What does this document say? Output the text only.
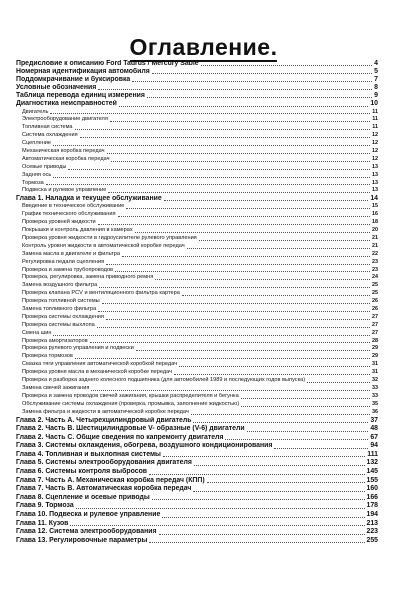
Оглавление.
Предисловие к описанию Ford Taurus / Mercury Sable	4
Номерная идентификация автомобиля	5
Поддомкрачивание и буксировка	7
Условные обозначения	8
Таблица перевода единиц измерения	9
Диагностика неисправностей	10
Двигатель	11
Электрооборудование двигателя	11
Топливная система	11
Система охлаждения	12
Сцепление	12
Механическая коробка передач	12
Автоматическая коробка передач	12
Осевые приводы	13
Задняя ось	13
Тормоза	13
Подвеска и рулевое управление	13
Глава 1. Наладка и текущее обслуживание	14
Введение в техническое обслуживание	15
График технического обслуживания	16
Проверка уровней жидкости	18
Покрышки и контроль давления в камерах	20
Проверка уровня жидкости в гидроусилителе рулевого управления	21
Контроль уровня жидкости в автоматической коробке передач	21
Замена масла в двигателе и фильтра	22
Регулировка педали сцепления	23
Проверка и замена трубопроводов	23
Проверка, регулировка, замена приводного ремня	24
Замена воздушного фильтра	25
Проверка клапана PCV и вентиляционного фильтра картера	25
Проверка топливной системы	26
Замена топливного фильтра	26
Проверка системы охлаждения	27
Проверка системы выхлопа	27
Смена шин	27
Проверка амортизаторов	28
Проверка рулевого управления и подвески	29
Проверка тормозов	29
Смазка тяги управления автоматической коробкой передач	31
Проверка уровня масла в механической коробке передач	31
Проверка и разборка заднего колесного подшипника (для автомобилей 1989 и последующих годов выпуска)	32
Замена свечей зажигания	33
Проверка и замена проводов свечей зажигания, крышки распределителя и бегунка	33
Обслуживание системы охлаждения (проверка, промывка, заполнение жидкостью)	35
Замена фильтра и жидкости в автоматической коробке передач	36
Глава 2. Часть А. Четырехцилиндровый двигатель	37
Глава 2. Часть В. Шестицилиндровые V- образные (V-6) двигатели	48
Глава 2. Часть С. Общие сведения по капремонту двигателя	67
Глава 3. Системы охлаждения, обогрева, воздушного кондиционирования	94
Глава 4. Топливная и выхлопная системы	111
Глава 5. Системы электрооборудования двигателя	132
Глава 6. Системы контроля выбросов	145
Глава 7. Часть А. Механическая коробка передач (КПП)	155
Глава 7. Часть В. Автоматическая коробка передач	160
Глава 8. Сцепление и осевые приводы	166
Глава 9. Тормоза	178
Глава 10. Подвеска и рулевое управление	194
Глава 11. Кузов	213
Глава 12. Система электрооборудования	223
Глава 13. Регулировочные параметры	255
